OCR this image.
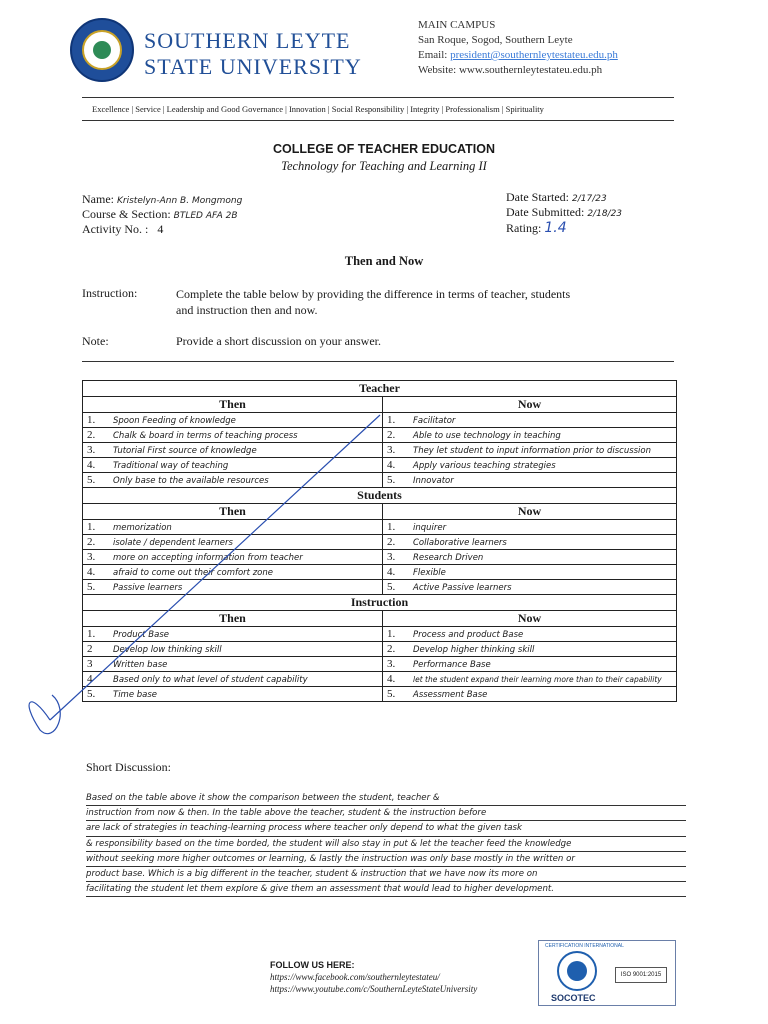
SOUTHERN LEYTE
STATE UNIVERSITY
MAIN CAMPUS
San Roque, Sogod, Southern Leyte
Email: president@southernleytestateu.edu.ph
Website: www.southernleytestateu.edu.ph
Excellence | Service | Leadership and Good Governance | Innovation | Social Responsibility | Integrity | Professionalism | Spirituality
COLLEGE OF TEACHER EDUCATION
Technology for Teaching and Learning II
Name: Kristelyn-Ann B. Mongmong
Course & Section: BTLED AFA 2B
Activity No. : 4
Date Started: 2/17/23
Date Submitted: 2/18/23
Rating: 1.4
Then and Now
Instruction:	Complete the table below by providing the difference in terms of teacher, students
and instruction then and now.
Note:	Provide a short discussion on your answer.
Teacher	
Then	Now
1. Spoon Feeding of knowledge	1. Facilitator
2. Chalk & board in terms of teaching process	2. Able to use technology in teaching
3. Tutorial First source of knowledge	3. They let student to input information prior to discussion
4. Traditional way of teaching	4. Apply various teaching strategies
5. Only base to the available resources	5. Innovator
Students	
Then	Now
1. memorization	1. inquirer
2. isolate / dependent learners	2. Collaborative learners
3. more on accepting information from teacher	3. Research Driven
4. afraid to come out their comfort zone	4. Flexible
5. Passive learners	5. Active Passive learners
Instruction	
Then	Now
1. Product Base	1. Process and product Base
2 Develop low thinking skill	2. Develop higher thinking skill
3 Written base	3. Performance Base
4 Based only to what level of student capability	4. let the student expand their learning more than to their capability
5. Time base	5. Assessment Base
Short Discussion:
Based on the table above it show the comparison between the student, teacher &
instruction from now & then. In the table above the teacher, student & the instruction before
are lack of strategies in teaching-learning process where teacher only depend to what the given task
& responsibility based on the time borded, the student will also stay in put & let the teacher feed the knowledge
without seeking more higher outcomes or learning, & lastly the instruction was only base mostly in the written or
product base. Which is a big different in the teacher, student & instruction that we have now its more on
facilitating the student let them explore & give them an assessment that would lead to higher development.
FOLLOW US HERE:
https://www.facebook.com/southernleytestateu/
https://www.youtube.com/c/SouthernLeyteStateUniversity
CERTIFICATION INTERNATIONAL
SOCOTEC
ISO 9001:2015
